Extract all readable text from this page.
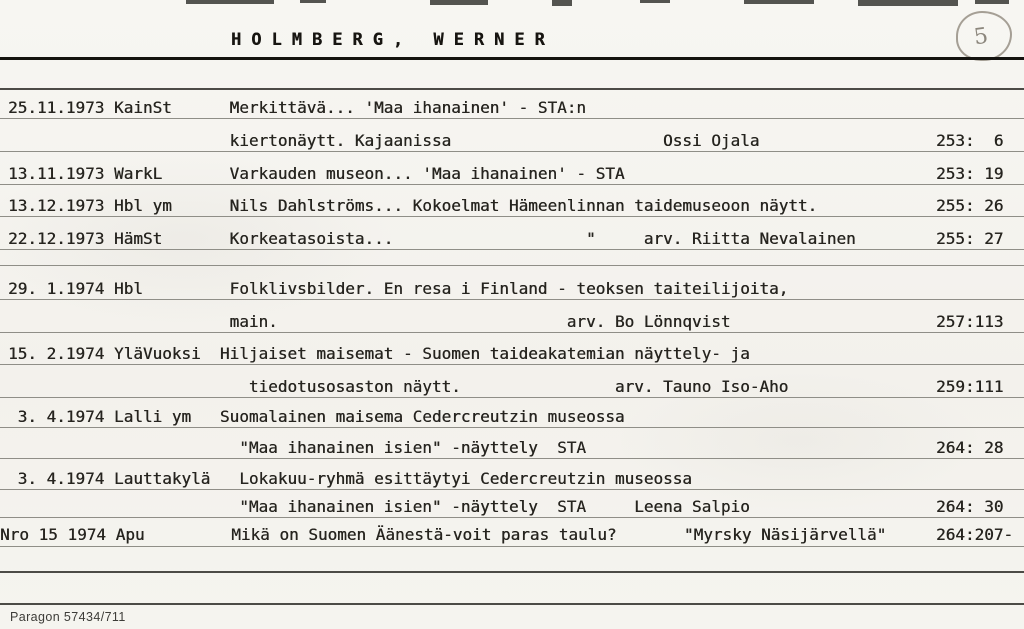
HOLMBERG, WERNER	5
25.11.1973 KainSt      Merkittävä... 'Maa ihanainen' - STA:n
kiertonäytt. Kajaanissa                      Ossi Ojala	253:  6
13.11.1973 WarkL       Varkauden museon... 'Maa ihanainen' - STA	253: 19
13.12.1973 Hbl ym      Nils Dahlströms... Kokoelmat Hämeenlinnan taidemuseoon näytt.	255: 26
22.12.1973 HämSt       Korkeatasoista...                    "     arv. Riitta Nevalainen	255: 27
29. 1.1974 Hbl         Folklivsbilder. En resa i Finland - teoksen taiteilijoita,
main.                              arv. Bo Lönnqvist	257:113
15. 2.1974 YläVuoksi  Hiljaiset maisemat - Suomen taideakatemian näyttely- ja
tiedotusosaston näytt.                arv. Tauno Iso-Aho	259:111
3. 4.1974 Lalli ym   Suomalainen maisema Cedercreutzin museossa
"Maa ihanainen isien" -näyttely  STA	264: 28
3. 4.1974 Lauttakylä   Lokakuu-ryhmä esittäytyi Cedercreutzin museossa
"Maa ihanainen isien" -näyttely  STA     Leena Salpio	264: 30
Nro 15 1974 Apu         Mikä on Suomen Äänestä-voit paras taulu?       "Myrsky Näsijärvellä"	264:207-
Paragon 57434/711
